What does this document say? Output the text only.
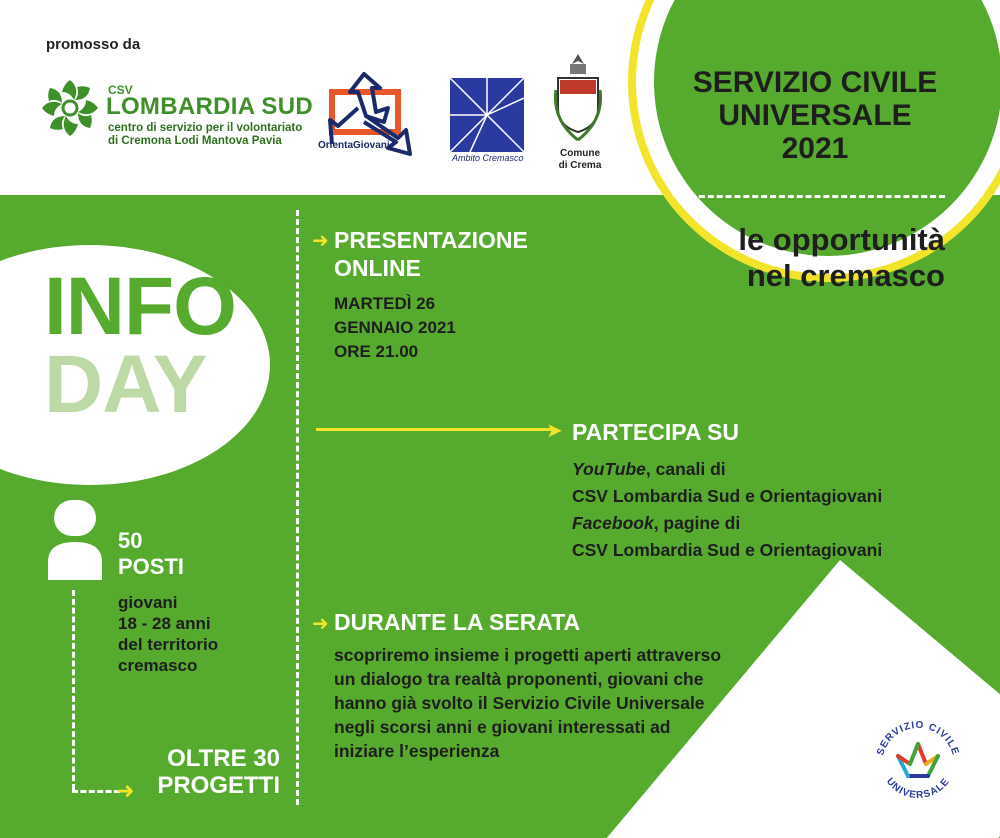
promosso da
CSV
LOMBARDIA SUD
centro di servizio per il volontariato
di Cremona Lodi Mantova Pavia	OrientaGiovani
Ambito Cremasco	Comune
di Crema
SERVIZIO CIVILE
UNIVERSALE
2021
le opportunità
nel cremasco
INFO
DAY
50
POSTI
giovani
18 - 28 anni
del territorio
cremasco
➜
OLTRE 30
PROGETTI
➜ PRESENTAZIONE
ONLINE
MARTEDÌ 26
GENNAIO 2021
ORE 21.00
➤ PARTECIPA SU
YouTube, canali di
CSV Lombardia Sud e Orientagiovani
Facebook, pagine di
CSV Lombardia Sud e Orientagiovani
➜ DURANTE LA SERATA
scopriremo insieme i progetti aperti attraverso
un dialogo tra realtà proponenti, giovani che
hanno già svolto il Servizio Civile Universale
negli scorsi anni e giovani interessati ad
iniziare l’esperienza	SERVIZIO CIVILE
UNIVERSALE
